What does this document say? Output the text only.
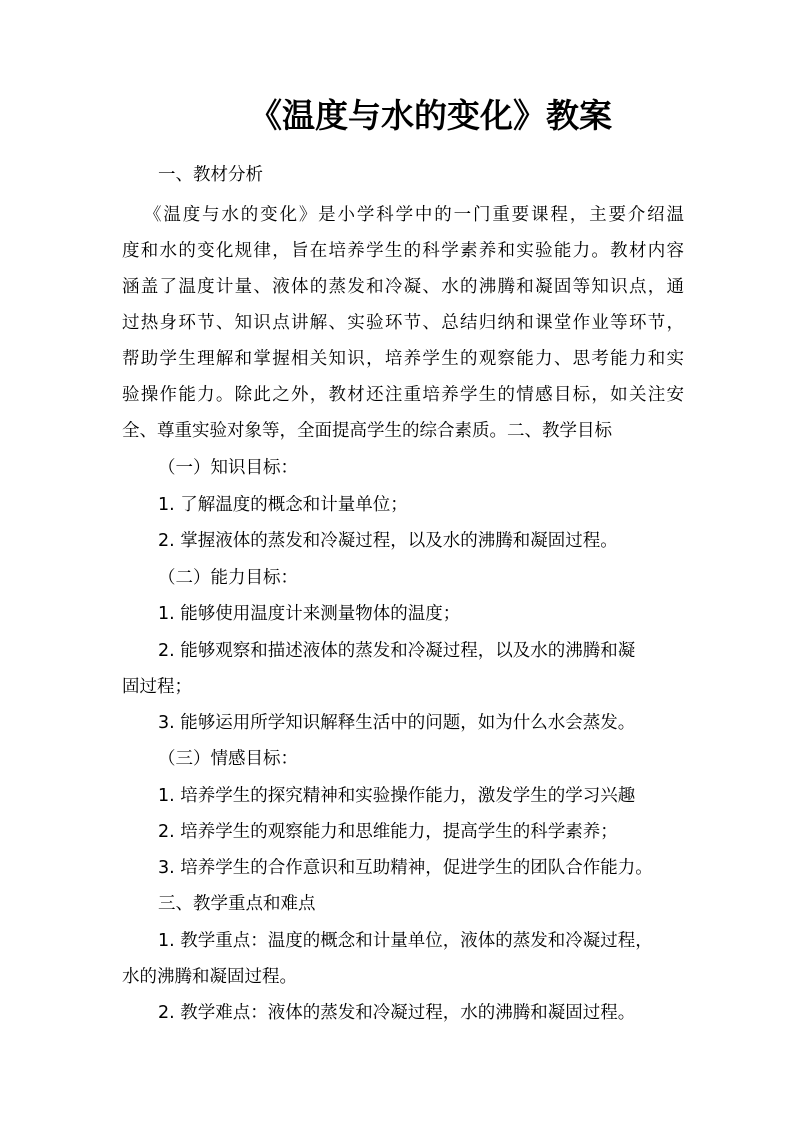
《温度与水的变化》教案
一、教材分析
《温度与水的变化》是小学科学中的一门重要课程，主要介绍温
度和水的变化规律，旨在培养学生的科学素养和实验能力。教材内容
涵盖了温度计量、液体的蒸发和冷凝、水的沸腾和凝固等知识点，通
过热身环节、知识点讲解、实验环节、总结归纳和课堂作业等环节，
帮助学生理解和掌握相关知识，培养学生的观察能力、思考能力和实
验操作能力。除此之外，教材还注重培养学生的情感目标，如关注安
全、尊重实验对象等，全面提高学生的综合素质。二、教学目标
（一）知识目标：
1. 了解温度的概念和计量单位；
2. 掌握液体的蒸发和冷凝过程，以及水的沸腾和凝固过程。
（二）能力目标：
1. 能够使用温度计来测量物体的温度；
2. 能够观察和描述液体的蒸发和冷凝过程，以及水的沸腾和凝
固过程；
3. 能够运用所学知识解释生活中的问题，如为什么水会蒸发。
（三）情感目标：
1. 培养学生的探究精神和实验操作能力，激发学生的学习兴趣
2. 培养学生的观察能力和思维能力，提高学生的科学素养；
3. 培养学生的合作意识和互助精神，促进学生的团队合作能力。
三、教学重点和难点
1. 教学重点：温度的概念和计量单位，液体的蒸发和冷凝过程，
水的沸腾和凝固过程。
2. 教学难点：液体的蒸发和冷凝过程，水的沸腾和凝固过程。
